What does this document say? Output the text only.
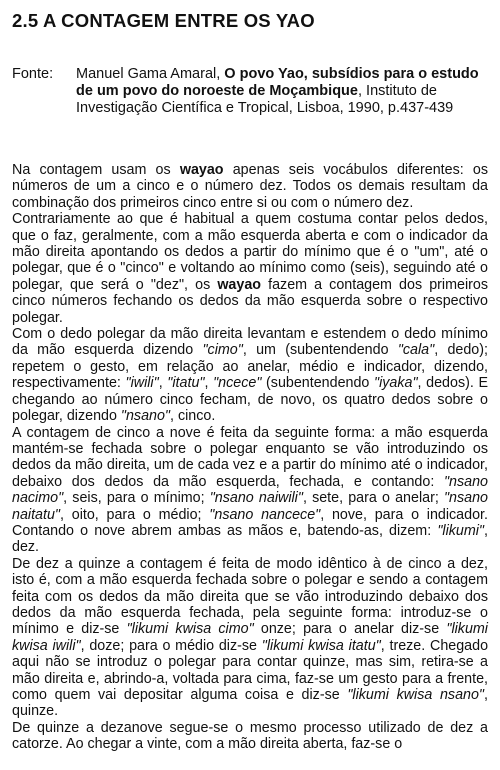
2.5 A CONTAGEM ENTRE OS YAO
Fonte: Manuel Gama Amaral, O povo Yao, subsídios para o estudo de um povo do noroeste de Moçambique, Instituto de Investigação Científica e Tropical, Lisboa, 1990, p.437-439

Na contagem usam os wayao apenas seis vocábulos diferentes: os números de um a cinco e o número dez. Todos os demais resultam da combinação dos primeiros cinco entre si ou com o número dez.

Contrariamente ao que é habitual a quem costuma contar pelos dedos, que o faz, geralmente, com a mão esquerda aberta e com o indicador da mão direita apontando os dedos a partir do mínimo que é o "um", até o polegar, que é o "cinco" e voltando ao mínimo como (seis), seguindo até o polegar, que será o "dez", os wayao fazem a contagem dos primeiros cinco números fechando os dedos da mão esquerda sobre o respectivo polegar.

Com o dedo polegar da mão direita levantam e estendem o dedo mínimo da mão esquerda dizendo "cimo", um (subentendendo "cala", dedo); repetem o gesto, em relação ao anelar, médio e indicador, dizendo, respectivamente: "iwili", "itatu", "ncece" (subentendendo "iyaka", dedos). E chegando ao número cinco fecham, de novo, os quatro dedos sobre o polegar, dizendo "nsano", cinco.

A contagem de cinco a nove é feita da seguinte forma: a mão esquerda mantém-se fechada sobre o polegar enquanto se vão introduzindo os dedos da mão direita, um de cada vez e a partir do mínimo até o indicador, debaixo dos dedos da mão esquerda, fechada, e contando: "nsano nacimo", seis, para o mínimo; "nsano naiwili", sete, para o anelar; "nsano naitatu", oito, para o médio; "nsano nancece", nove, para o indicador. Contando o nove abrem ambas as mãos e, batendo-as, dizem: "likumi", dez.

De dez a quinze a contagem é feita de modo idêntico à de cinco a dez, isto é, com a mão esquerda fechada sobre o polegar e sendo a contagem feita com os dedos da mão direita que se vão introduzindo debaixo dos dedos da mão esquerda fechada, pela seguinte forma: introduz-se o mínimo e diz-se "likumi kwisa cimo" onze; para o anelar diz-se "likumi kwisa iwili", doze; para o médio diz-se "likumi kwisa itatu", treze. Chegado aqui não se introduz o polegar para contar quinze, mas sim, retira-se a mão direita e, abrindo-a, voltada para cima, faz-se um gesto para a frente, como quem vai depositar alguma coisa e diz-se "likumi kwisa nsano", quinze.

De quinze a dezanove segue-se o mesmo processo utilizado de dez a catorze. Ao chegar a vinte, com a mão direita aberta, faz-se o
